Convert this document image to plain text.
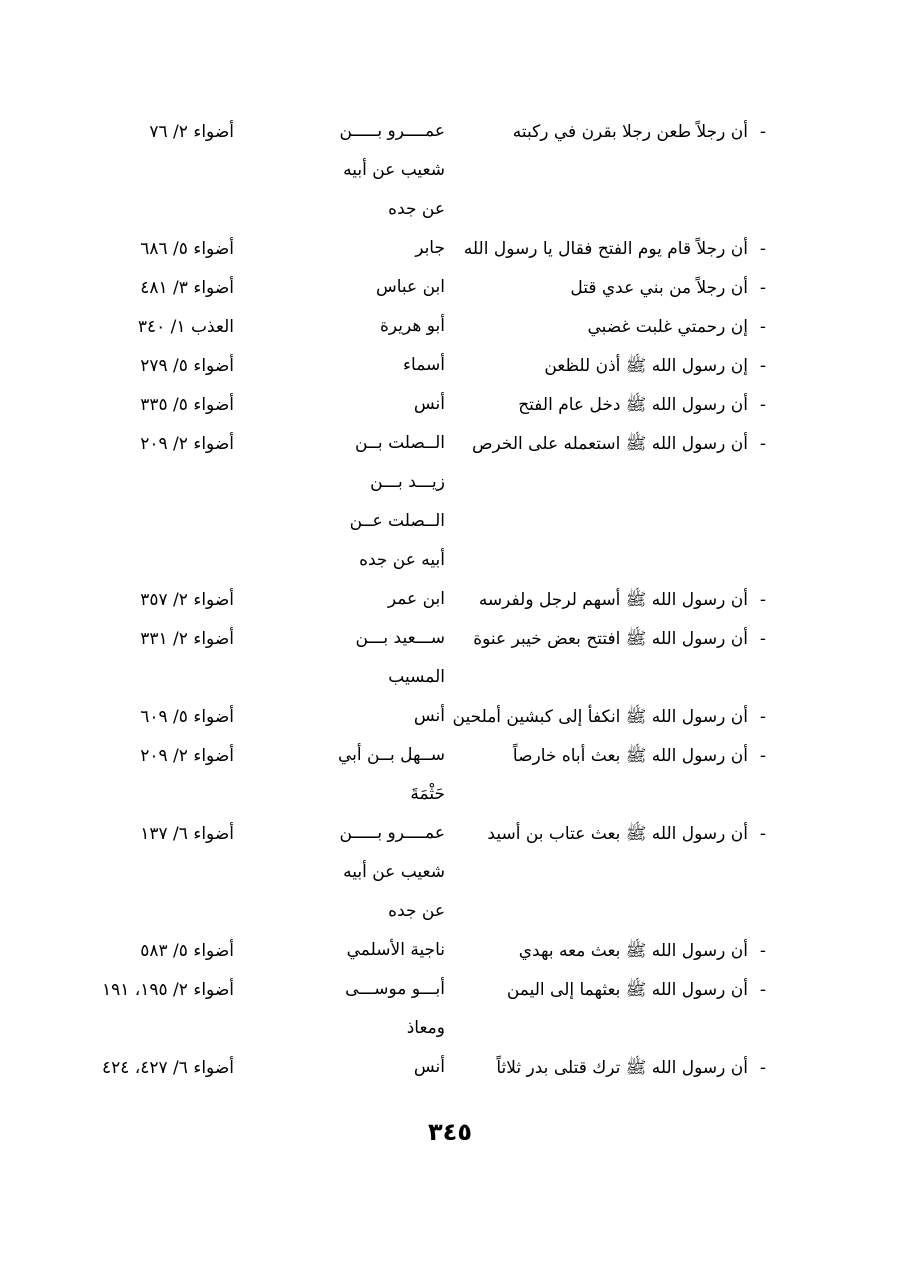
-
أن رجلاً طعن رجلا بقرن في ركبته
عمــــرو بـــــن
شعيب عن أبيه
عن جده
أضواء ٢/ ٧٦
-
أن رجلاً قام يوم الفتح فقال يا رسول الله
جابر
أضواء ٥/ ٦٨٦
-
أن رجلاً من بني عدي قتل
ابن عباس
أضواء ٣/ ٤٨١
-
إن رحمتي غلبت غضبي
أبو هريرة
العذب ١/ ٣٤٠
-
إن رسول الله ﷺ أذن للظعن
أسماء
أضواء ٥/ ٢٧٩
-
أن رسول الله ﷺ دخل عام الفتح
أنس
أضواء ٥/ ٣٣٥
-
أن رسول الله ﷺ استعمله على الخرص
الــصلت بــن
زيـــد بـــن
الــصلت عــن
أبيه عن جده
أضواء ٢/ ٢٠٩
-
أن رسول الله ﷺ أسهم لرجل ولفرسه
ابن عمر
أضواء ٢/ ٣٥٧
-
أن رسول الله ﷺ افتتح بعض خيبر عنوة
ســـعيد بـــن
المسيب
أضواء ٢/ ٣٣١
-
أن رسول الله ﷺ انكفأ إلى كبشين أملحين
أنس
أضواء ٥/ ٦٠٩
-
أن رسول الله ﷺ بعث أباه خارصاً
ســهل بــن أبي
حَثْمَةَ
أضواء ٢/ ٢٠٩
-
أن رسول الله ﷺ بعث عتاب بن أسيد
عمــــرو بـــــن
شعيب عن أبيه
عن جده
أضواء ٦/ ١٣٧
-
أن رسول الله ﷺ بعث معه بهدي
ناجية الأسلمي
أضواء ٥/ ٥٨٣
-
أن رسول الله ﷺ بعثهما إلى اليمن
أبـــو موســـى
ومعاذ
أضواء ٢/ ١٩٥، ١٩١
-
أن رسول الله ﷺ ترك قتلى بدر ثلاثاً
أنس
أضواء ٦/ ٤٢٧، ٤٢٤
٣٤٥
